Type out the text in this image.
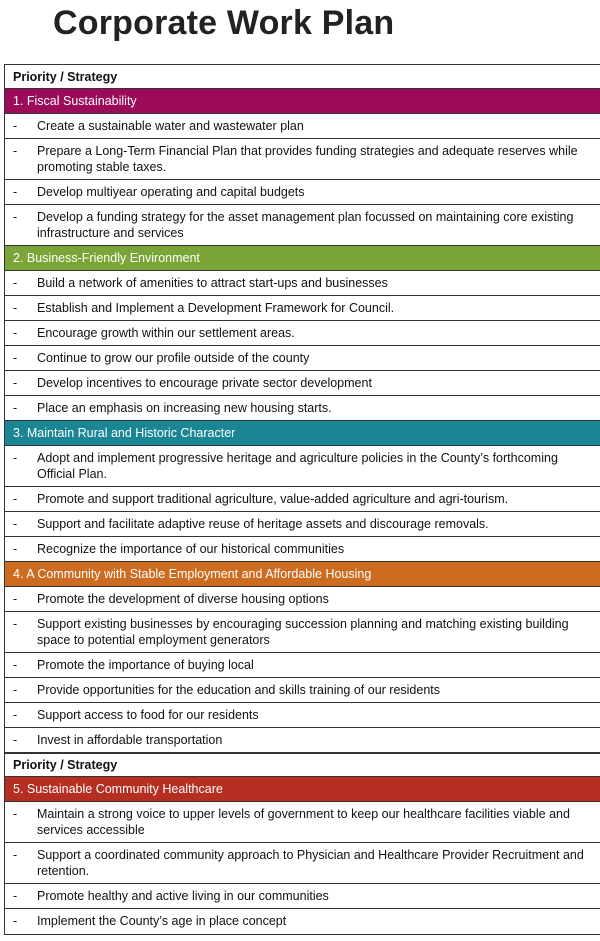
Corporate Work Plan
Priority / Strategy
1. Fiscal Sustainability
- Create a sustainable water and wastewater plan
- Prepare a Long-Term Financial Plan that provides funding strategies and adequate reserves while promoting stable taxes.
- Develop multiyear operating and capital budgets
- Develop a funding strategy for the asset management plan focussed on maintaining core existing infrastructure and services
2. Business-Friendly Environment
- Build a network of amenities to attract start-ups and businesses
- Establish and Implement a Development Framework for Council.
- Encourage growth within our settlement areas.
- Continue to grow our profile outside of the county
- Develop incentives to encourage private sector development
- Place an emphasis on increasing new housing starts.
3. Maintain Rural and Historic Character
- Adopt and implement progressive heritage and agriculture policies in the County’s forthcoming Official Plan.
- Promote and support traditional agriculture, value-added agriculture and agri-tourism.
- Support and facilitate adaptive reuse of heritage assets and discourage removals.
- Recognize the importance of our historical communities
4. A Community with Stable Employment and Affordable Housing
- Promote the development of diverse housing options
- Support existing businesses by encouraging succession planning and matching existing building space to potential employment generators
- Promote the importance of buying local
- Provide opportunities for the education and skills training of our residents
- Support access to food for our residents
- Invest in affordable transportation
Priority / Strategy
5. Sustainable Community Healthcare
- Maintain a strong voice to upper levels of government to keep our healthcare facilities viable and services accessible
- Support a coordinated community approach to Physician and Healthcare Provider Recruitment and retention.
- Promote healthy and active living in our communities
- Implement the County’s age in place concept
